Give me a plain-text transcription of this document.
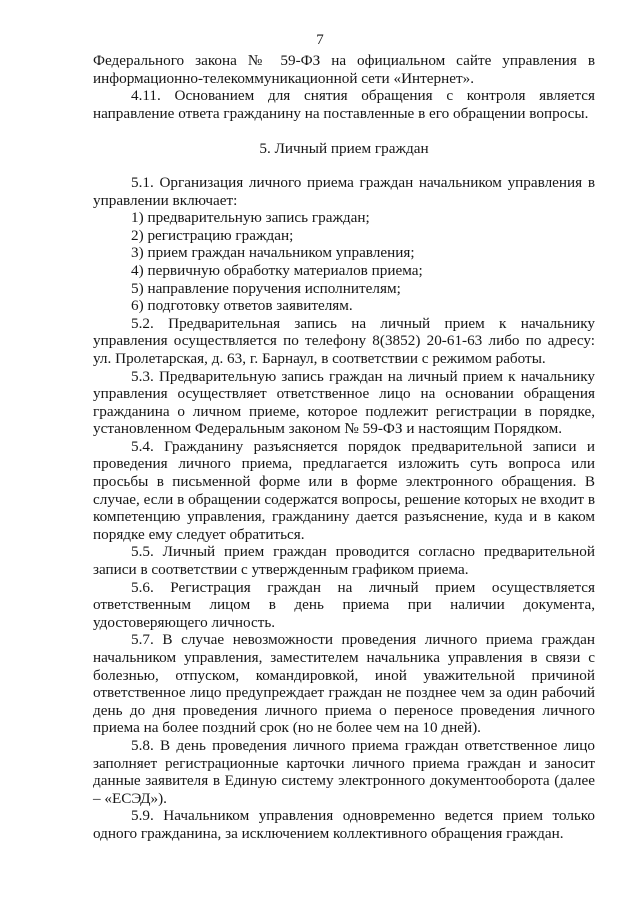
7

Федерального закона № 59-ФЗ на официальном сайте управления в информационно-телекоммуникационной сети «Интернет».

4.11. Основанием для снятия обращения с контроля является направление ответа гражданину на поставленные в его обращении вопросы.

5. Личный прием граждан

5.1. Организация личного приема граждан начальником управления в управлении включает:

1) предварительную запись граждан;
2) регистрацию граждан;
3) прием граждан начальником управления;
4) первичную обработку материалов приема;
5) направление поручения исполнителям;
6) подготовку ответов заявителям.

5.2. Предварительная запись на личный прием к начальнику управления осуществляется по телефону 8(3852) 20-61-63 либо по адресу: ул. Пролетарская, д. 63, г. Барнаул, в соответствии с режимом работы.

5.3. Предварительную запись граждан на личный прием к начальнику управления осуществляет ответственное лицо на основании обращения гражданина о личном приеме, которое подлежит регистрации в порядке, установленном Федеральным законом № 59-ФЗ и настоящим Порядком.

5.4. Гражданину разъясняется порядок предварительной записи и проведения личного приема, предлагается изложить суть вопроса или просьбы в письменной форме или в форме электронного обращения. В случае, если в обращении содержатся вопросы, решение которых не входит в компетенцию управления, гражданину дается разъяснение, куда и в каком порядке ему следует обратиться.

5.5. Личный прием граждан проводится согласно предварительной записи в соответствии с утвержденным графиком приема.

5.6. Регистрация граждан на личный прием осуществляется ответственным лицом в день приема при наличии документа, удостоверяющего личность.

5.7. В случае невозможности проведения личного приема граждан начальником управления, заместителем начальника управления в связи с болезнью, отпуском, командировкой, иной уважительной причиной ответственное лицо предупреждает граждан не позднее чем за один рабочий день до дня проведения личного приема о переносе проведения личного приема на более поздний срок (но не более чем на 10 дней).

5.8. В день проведения личного приема граждан ответственное лицо заполняет регистрационные карточки личного приема граждан и заносит данные заявителя в Единую систему электронного документооборота (далее – «ЕСЭД»).

5.9. Начальником управления одновременно ведется прием только одного гражданина, за исключением коллективного обращения граждан.
